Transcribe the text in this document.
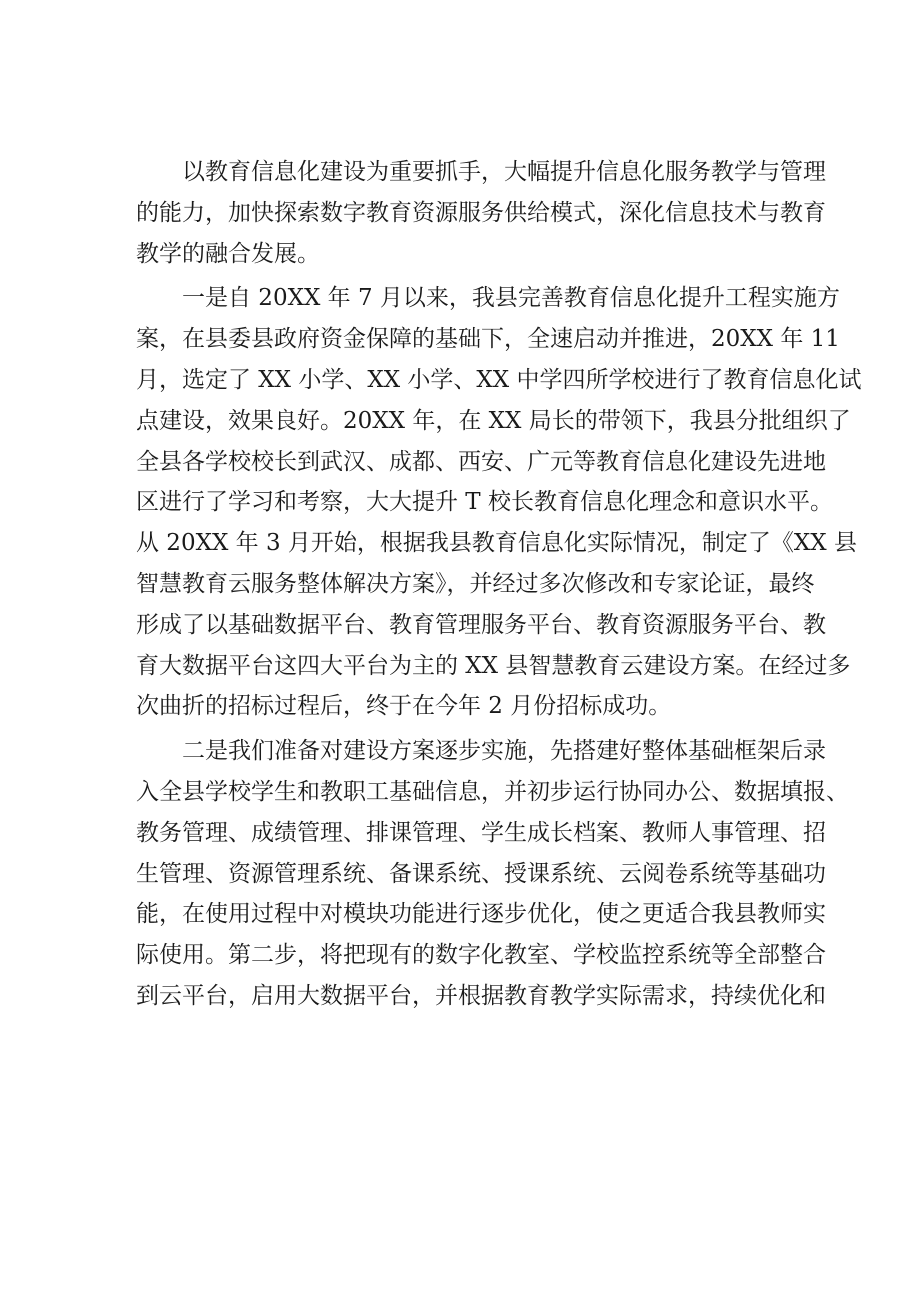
以教育信息化建设为重要抓手，大幅提升信息化服务教学与管理
的能力，加快探索数字教育资源服务供给模式，深化信息技术与教育
教学的融合发展。
一是自 20XX 年 7 月以来，我县完善教育信息化提升工程实施方
案，在县委县政府资金保障的基础下，全速启动并推进，20XX 年 11
月，选定了 XX 小学、XX 小学、XX 中学四所学校进行了教育信息化试
点建设，效果良好。20XX 年，在 XX 局长的带领下，我县分批组织了
全县各学校校长到武汉、成都、西安、广元等教育信息化建设先进地
区进行了学习和考察，大大提升 T 校长教育信息化理念和意识水平。
从 20XX 年 3 月开始，根据我县教育信息化实际情况，制定了《XX 县
智慧教育云服务整体解决方案》，并经过多次修改和专家论证，最终
形成了以基础数据平台、教育管理服务平台、教育资源服务平台、教
育大数据平台这四大平台为主的 XX 县智慧教育云建设方案。在经过多
次曲折的招标过程后，终于在今年 2 月份招标成功。
二是我们准备对建设方案逐步实施，先搭建好整体基础框架后录
入全县学校学生和教职工基础信息，并初步运行协同办公、数据填报、
教务管理、成绩管理、排课管理、学生成长档案、教师人事管理、招
生管理、资源管理系统、备课系统、授课系统、云阅卷系统等基础功
能，在使用过程中对模块功能进行逐步优化，使之更适合我县教师实
际使用。第二步，将把现有的数字化教室、学校监控系统等全部整合
到云平台，启用大数据平台，并根据教育教学实际需求，持续优化和
